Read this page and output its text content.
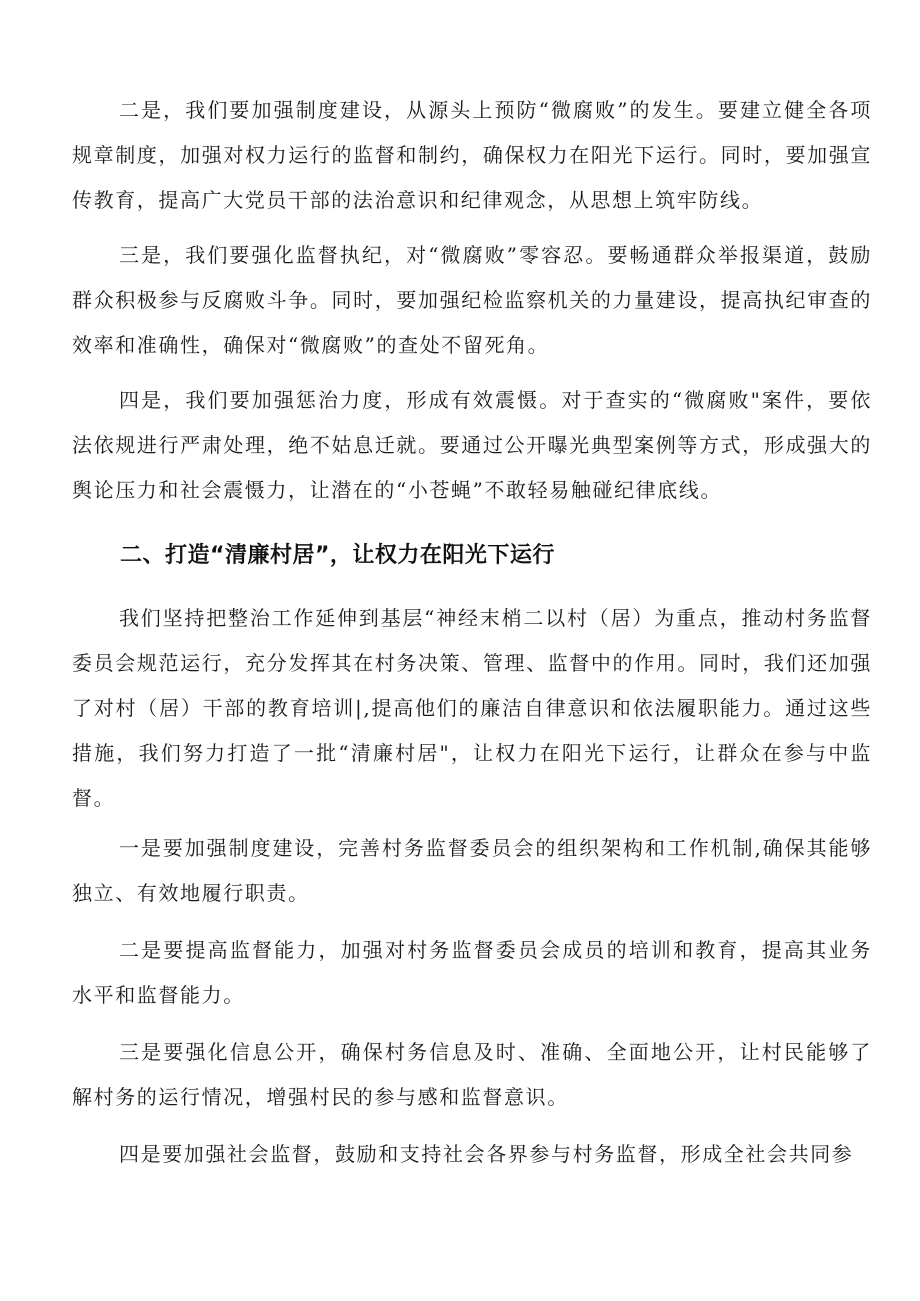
二是，我们要加强制度建设，从源头上预防“微腐败”的发生。要建立健全各项规章制度，加强对权力运行的监督和制约，确保权力在阳光下运行。同时，要加强宣传教育，提高广大党员干部的法治意识和纪律观念，从思想上筑牢防线。

三是，我们要强化监督执纪，对“微腐败”零容忍。要畅通群众举报渠道，鼓励群众积极参与反腐败斗争。同时，要加强纪检监察机关的力量建设，提高执纪审查的效率和准确性，确保对“微腐败”的查处不留死角。

四是，我们要加强惩治力度，形成有效震慑。对于查实的“微腐败"案件，要依法依规进行严肃处理，绝不姑息迁就。要通过公开曝光典型案例等方式，形成强大的舆论压力和社会震慑力，让潜在的“小苍蝇”不敢轻易触碰纪律底线。

二、打造“清廉村居”，让权力在阳光下运行

我们坚持把整治工作延伸到基层“神经末梢二以村（居）为重点，推动村务监督委员会规范运行，充分发挥其在村务决策、管理、监督中的作用。同时，我们还加强了对村（居）干部的教育培训|,提高他们的廉洁自律意识和依法履职能力。通过这些措施，我们努力打造了一批“清廉村居"，让权力在阳光下运行，让群众在参与中监督。

一是要加强制度建设，完善村务监督委员会的组织架构和工作机制,确保其能够独立、有效地履行职责。

二是要提高监督能力，加强对村务监督委员会成员的培训和教育，提高其业务水平和监督能力。

三是要强化信息公开，确保村务信息及时、准确、全面地公开，让村民能够了解村务的运行情况，增强村民的参与感和监督意识。

四是要加强社会监督，鼓励和支持社会各界参与村务监督，形成全社会共同参
